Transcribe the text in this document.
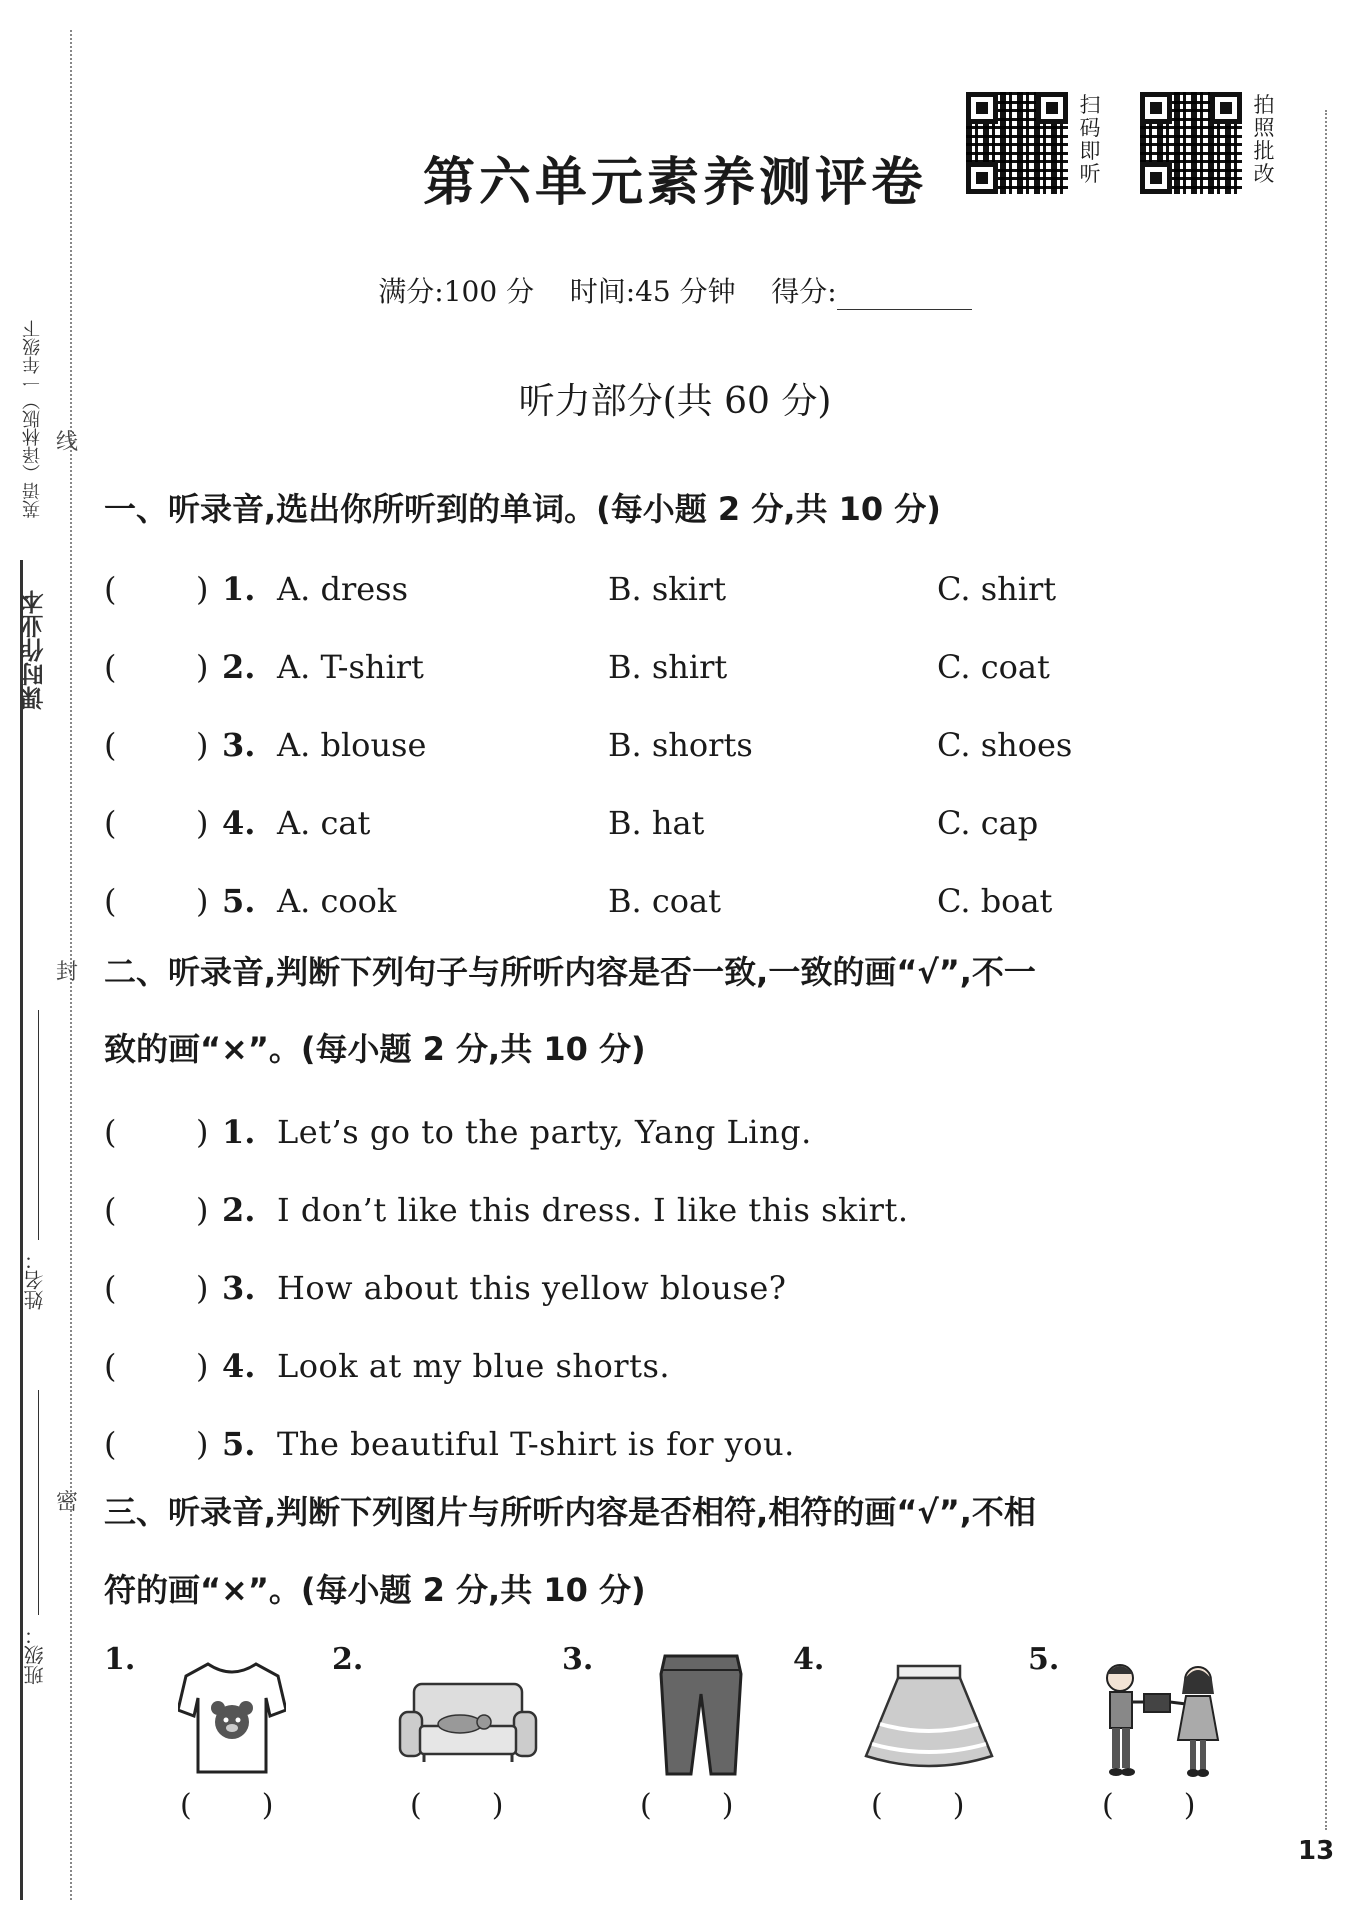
课时作业本
英语（译林版）一年级下 线
封
密
姓名：
班级：
第六单元素养测评卷
扫
码
即
听
拍
照
批
改
满分:100 分 时间:45 分钟 得分:
听力部分(共 60 分)
一、听录音,选出你所听到的单词。(每小题 2 分,共 10 分)
( ) 1. A. dress	B. skirt	C. shirt
( ) 2. A. T-shirt	B. shirt	C. coat
( ) 3. A. blouse	B. shorts	C. shoes
( ) 4. A. cat	B. hat	C. cap
( ) 5. A. cook	B. coat	C. boat
二、听录音,判断下列句子与所听内容是否一致,一致的画“√”,不一
致的画“×”。(每小题 2 分,共 10 分)
( ) 1. Let’s go to the party, Yang Ling.
( ) 2. I don’t like this dress. I like this skirt.
( ) 3. How about this yellow blouse?
( ) 4. Look at my blue shorts.
( ) 5. The beautiful T-shirt is for you.
三、听录音,判断下列图片与所听内容是否相符,相符的画“√”,不相
符的画“×”。(每小题 2 分,共 10 分)
1.	2.	3.	4.	5.
( )	( )	( )	( )	( )
13
